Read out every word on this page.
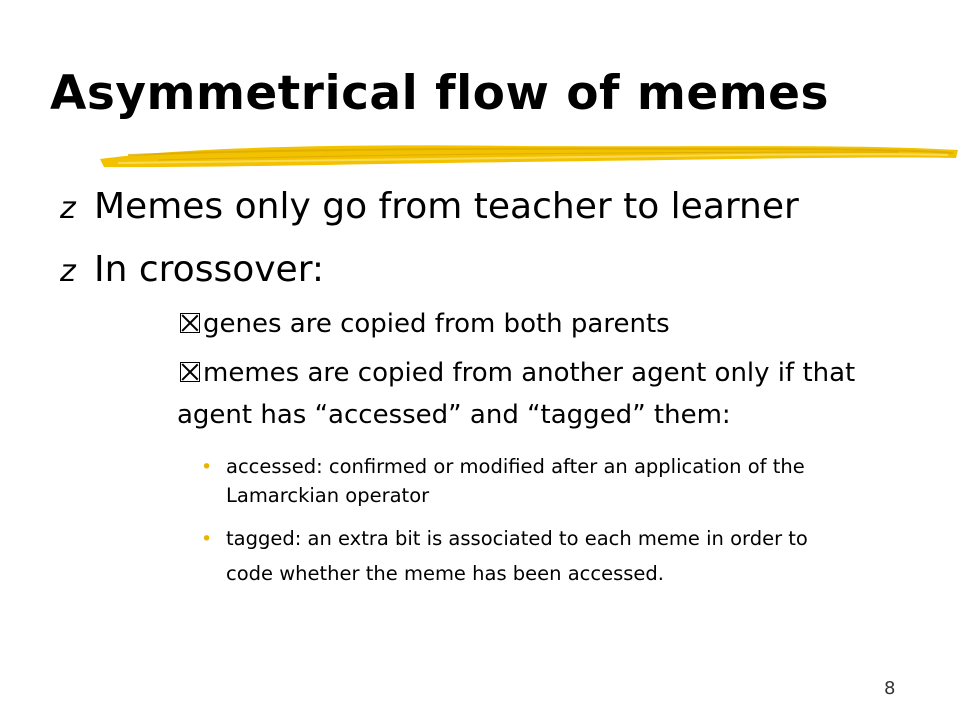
Asymmetrical flow of memes
z Memes only go from teacher to learner
z In crossover:
genes are copied from both parents
memes are copied from another agent only if that
agent has “accessed” and “tagged” them:
• accessed: confirmed or modified after an application of the
Lamarckian operator
• tagged: an extra bit is associated to each meme in order to
code whether the meme has been accessed.
8
